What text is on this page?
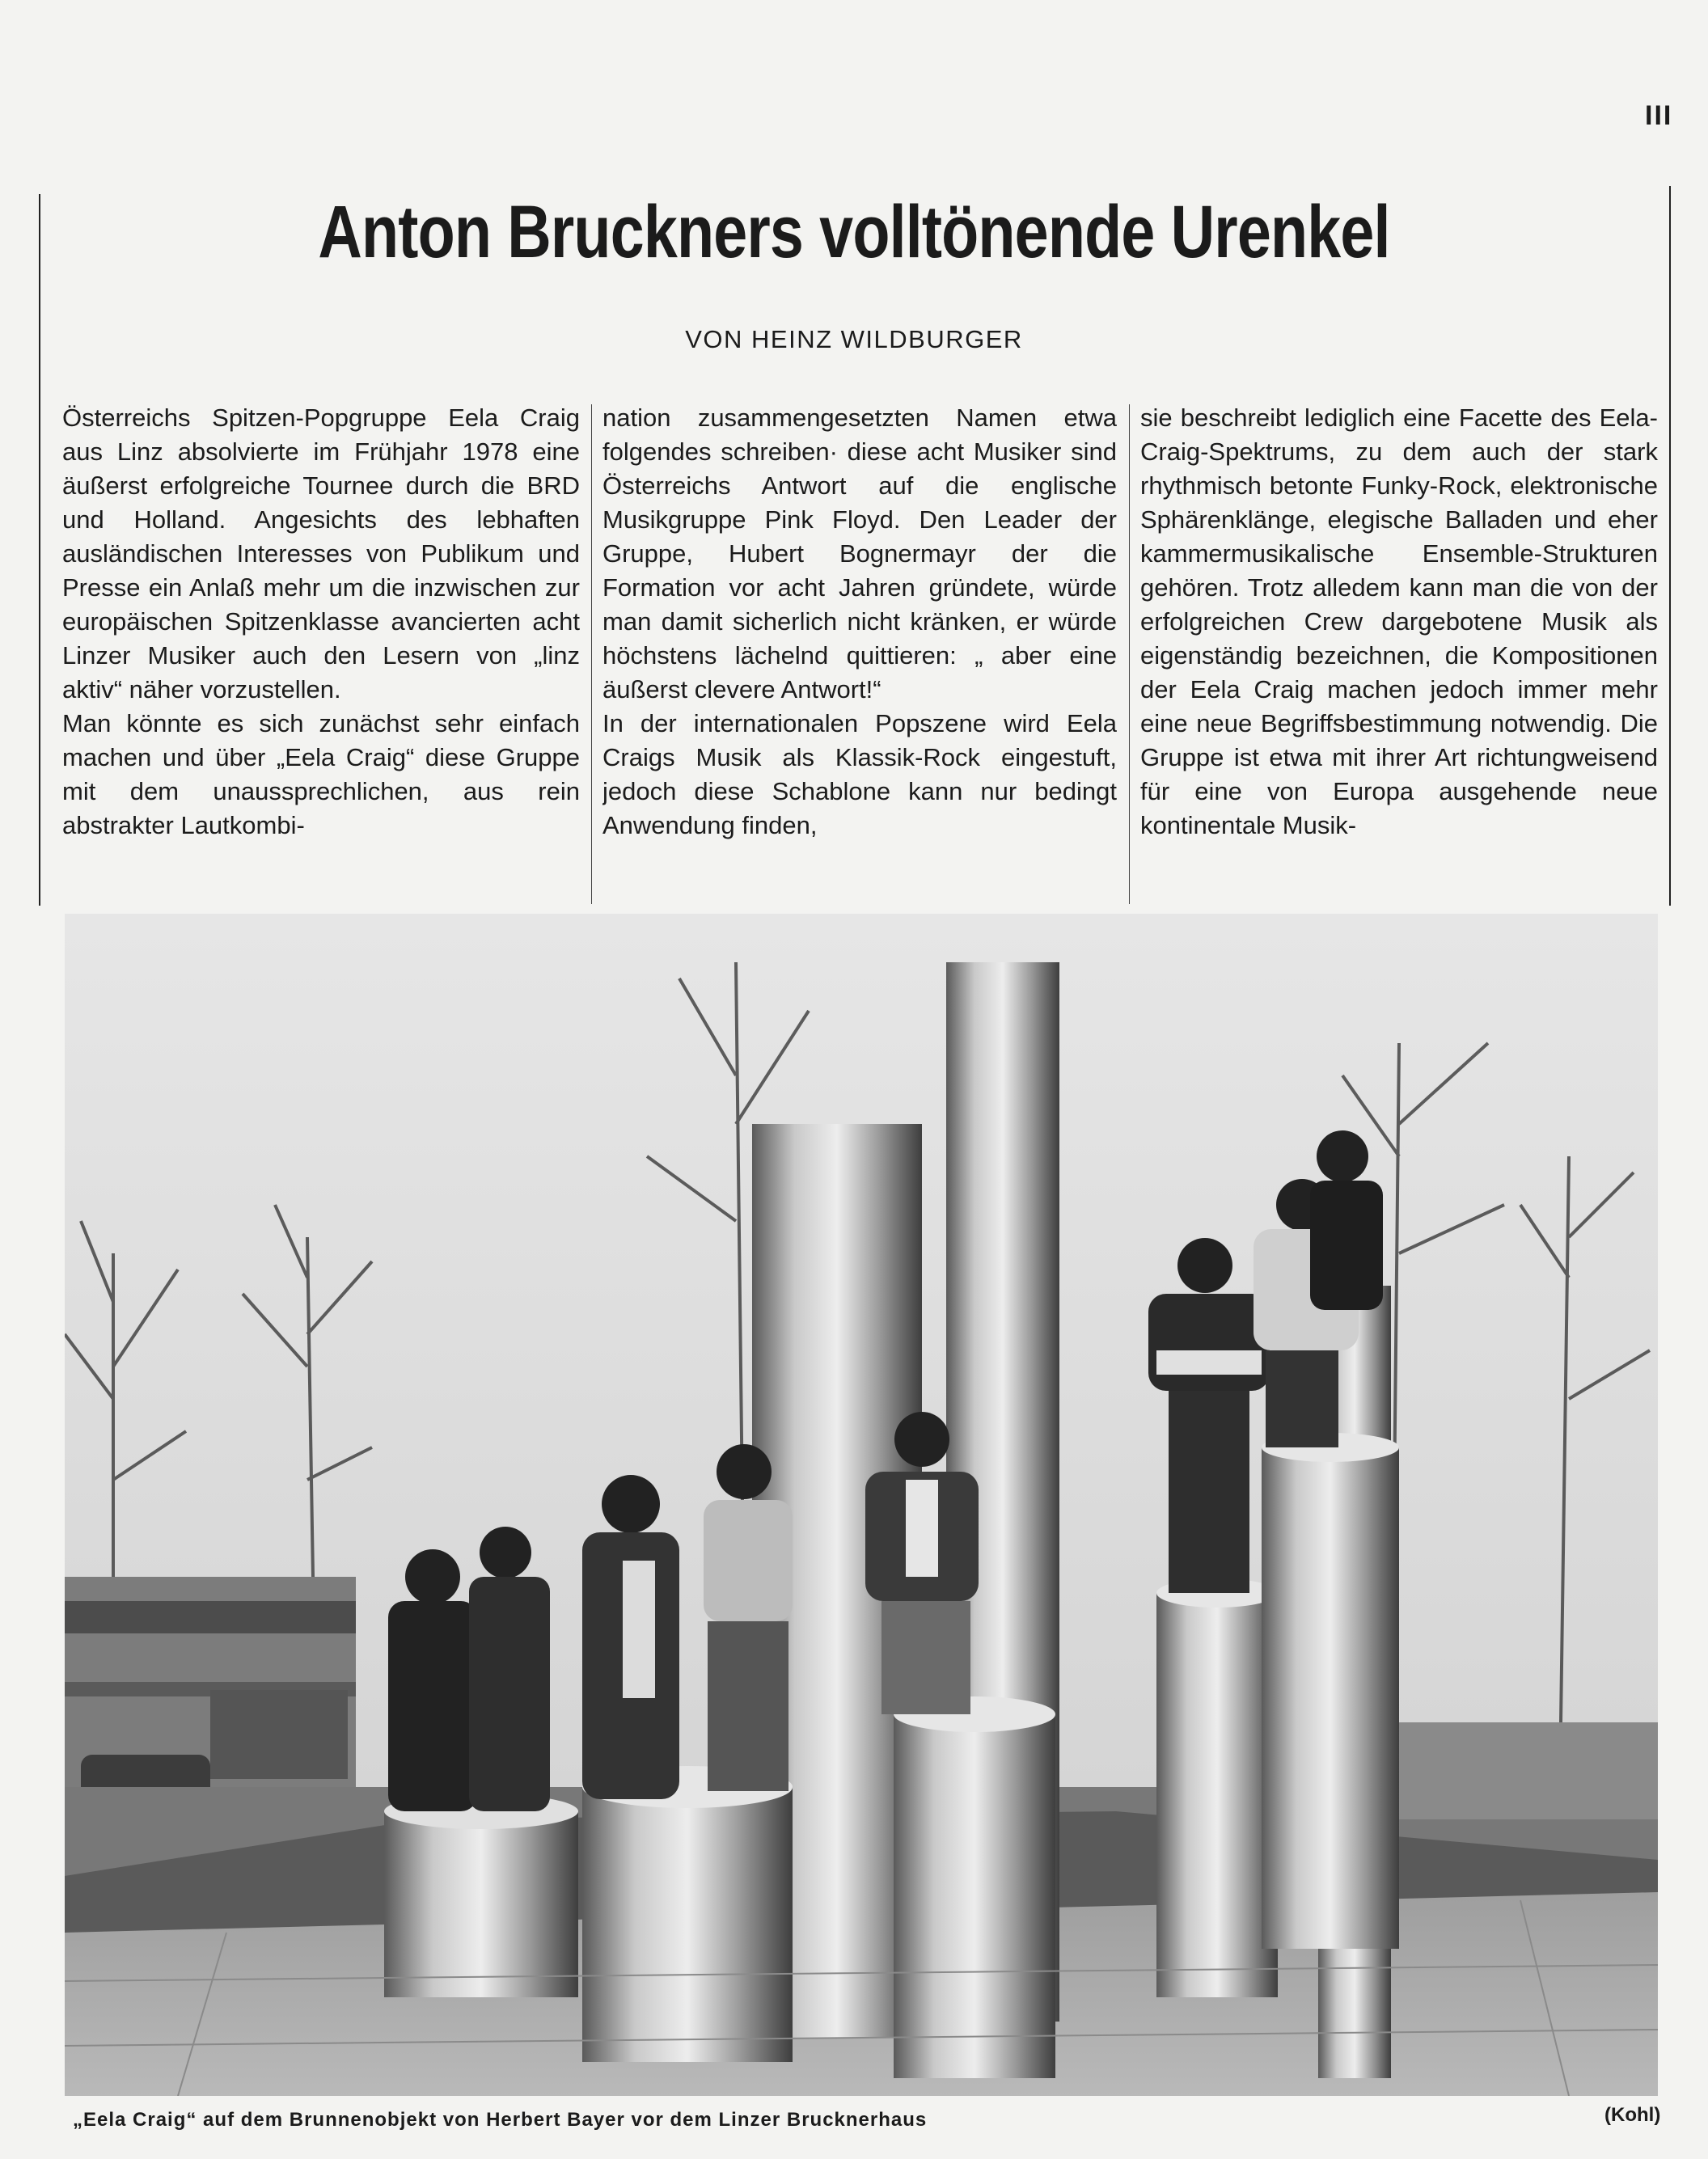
III
Anton Bruckners volltönende Urenkel
VON HEINZ WILDBURGER

Österreichs Spitzen-Popgruppe Eela Craig aus Linz absolvierte im Frühjahr 1978 eine äußerst erfolgreiche Tournee durch die BRD und Holland. Angesichts des lebhaften ausländischen Interesses von Publikum und Presse ein Anlaß mehr um die inzwischen zur europäischen Spitzenklasse avancierten acht Linzer Musiker auch den Lesern von „linz aktiv“ näher vorzustellen.

Man könnte es sich zunächst sehr einfach machen und über „Eela Craig“ diese Gruppe mit dem unaussprechlichen, aus rein abstrakter Lautkombi-

nation zusammengesetzten Namen etwa folgendes schreiben· diese acht Musiker sind Österreichs Antwort auf die englische Musikgruppe Pink Floyd. Den Leader der Gruppe, Hubert Bognermayr der die Formation vor acht Jahren gründete, würde man damit sicherlich nicht kränken, er würde höchstens lächelnd quittieren: „ aber eine äußerst clevere Antwort!“

In der internationalen Popszene wird Eela Craigs Musik als Klassik-Rock eingestuft, jedoch diese Schablone kann nur bedingt Anwendung finden,

sie beschreibt lediglich eine Facette des Eela-Craig-Spektrums, zu dem auch der stark rhythmisch betonte Funky-Rock, elektronische Sphärenklänge, elegische Balladen und eher kammermusikalische Ensemble-Strukturen gehören. Trotz alledem kann man die von der erfolgreichen Crew dargebotene Musik als eigenständig bezeichnen, die Kompositionen der Eela Craig machen jedoch immer mehr eine neue Begriffsbestimmung notwendig. Die Gruppe ist etwa mit ihrer Art richtungweisend für eine von Europa ausgehende neue kontinentale Musik-

„Eela Craig“ auf dem Brunnenobjekt von Herbert Bayer vor dem Linzer Brucknerhaus	(Kohl)
